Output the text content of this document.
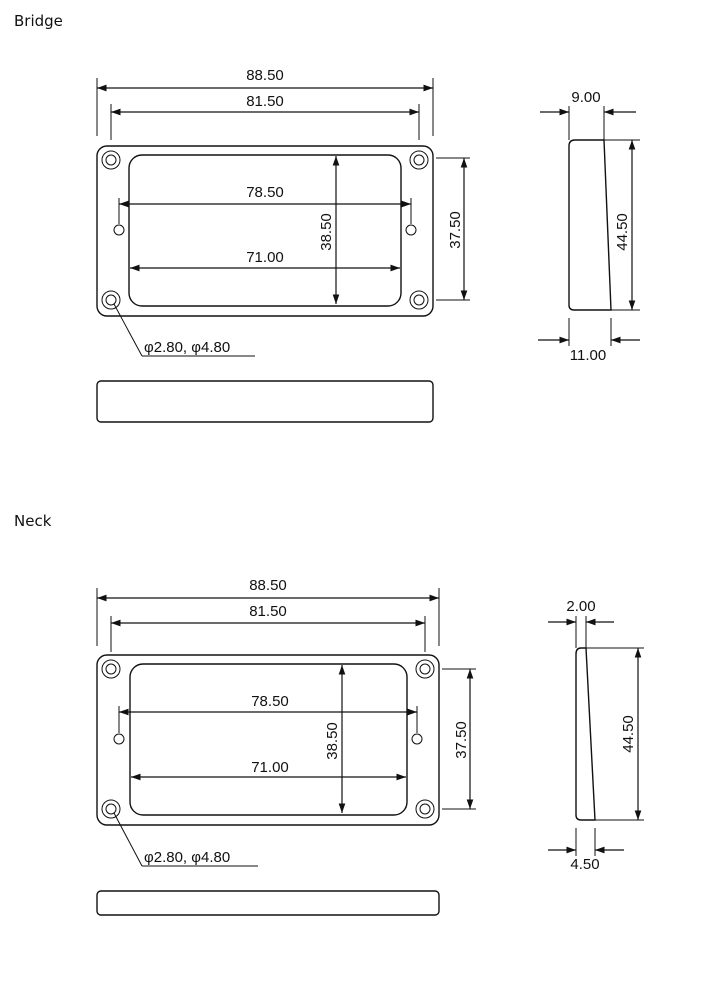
Bridge
Neck
88.50
81.50
78.50
71.00
38.50	37.50
φ2.80, φ4.80
9.00
44.50
11.00
88.50
81.50
78.50
71.00
38.50	37.50
φ2.80, φ4.80
2.00
44.50
4.50
